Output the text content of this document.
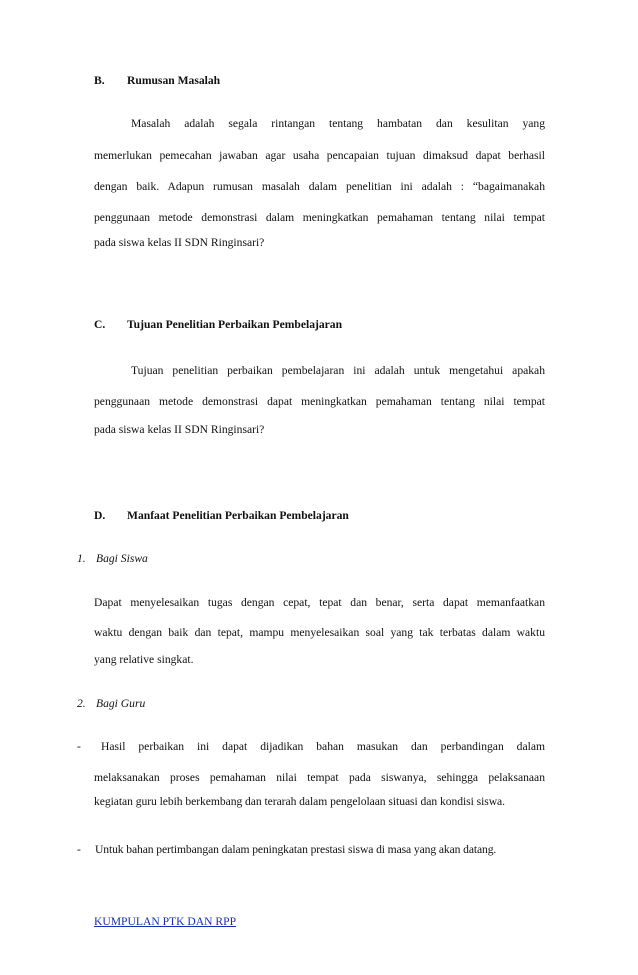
B. Rumusan Masalah
Masalah adalah segala rintangan tentang hambatan dan kesulitan yang
memerlukan pemecahan jawaban agar usaha pencapaian tujuan dimaksud dapat berhasil
dengan baik. Adapun rumusan masalah dalam penelitian ini adalah : “bagaimanakah
penggunaan metode demonstrasi dalam meningkatkan pemahaman tentang nilai tempat
pada siswa kelas II SDN Ringinsari?
C. Tujuan Penelitian Perbaikan Pembelajaran
Tujuan penelitian perbaikan pembelajaran ini adalah untuk mengetahui apakah
penggunaan metode demonstrasi dapat meningkatkan pemahaman tentang nilai tempat
pada siswa kelas II SDN Ringinsari?
D. Manfaat Penelitian Perbaikan Pembelajaran
1. Bagi Siswa
Dapat menyelesaikan tugas dengan cepat, tepat dan benar, serta dapat memanfaatkan
waktu dengan baik dan tepat, mampu menyelesaikan soal yang tak terbatas dalam waktu
yang relative singkat.
2. Bagi Guru
- Hasil perbaikan ini dapat dijadikan bahan masukan dan perbandingan dalam
melaksanakan proses pemahaman nilai tempat pada siswanya, sehingga pelaksanaan
kegiatan guru lebih berkembang dan terarah dalam pengelolaan situasi dan kondisi siswa.
- Untuk bahan pertimbangan dalam peningkatan prestasi siswa di masa yang akan datang.
KUMPULAN PTK DAN RPP
